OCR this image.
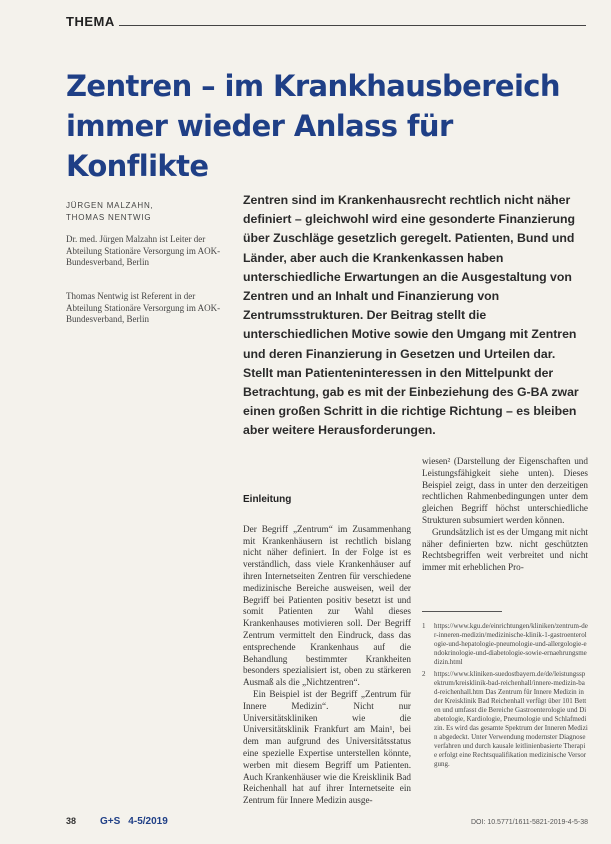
THEMA
Zentren – im Krankhausbereich
immer wieder Anlass für Konflikte
JÜRGEN MALZAHN,
THOMAS NENTWIG
Dr. med. Jürgen Malzahn ist Leiter der Abteilung Stationäre Versorgung im AOK-Bundesverband, Berlin
Thomas Nentwig ist Referent in der Abteilung Stationäre Versorgung im AOK-Bundesverband, Berlin
Zentren sind im Krankenhausrecht rechtlich nicht näher definiert – gleichwohl wird eine gesonderte Finanzierung über Zuschläge gesetzlich geregelt. Patienten, Bund und Länder, aber auch die Krankenkassen haben unterschiedliche Erwartungen an die Ausgestaltung von Zentren und an Inhalt und Finanzierung von Zentrumsstrukturen. Der Beitrag stellt die unterschiedlichen Motive sowie den Umgang mit Zentren und deren Finanzierung in Gesetzen und Urteilen dar. Stellt man Patienteninteressen in den Mittelpunkt der Betrachtung, gab es mit der Einbeziehung des G-BA zwar einen großen Schritt in die richtige Richtung – es bleiben aber weitere Herausforderungen.
Einleitung

Der Begriff „Zentrum“ im Zusammenhang mit Krankenhäusern ist rechtlich bislang nicht näher definiert. In der Folge ist es verständlich, dass viele Krankenhäuser auf ihren Internetseiten Zentren für verschiedene medizinische Bereiche ausweisen, weil der Begriff bei Patienten positiv besetzt ist und somit Patienten zur Wahl dieses Krankenhauses motivieren soll. Der Begriff Zentrum vermittelt den Eindruck, dass das entsprechende Krankenhaus auf die Behandlung bestimmter Krankheiten besonders spezialisiert ist, oben zu stärkeren Ausmaß als die „Nichtzentren“.

Ein Beispiel ist der Begriff „Zentrum für Innere Medizin“. Nicht nur Universitätskliniken wie die Universitätsklinik Frankfurt am Main¹, bei dem man aufgrund des Universitätsstatus eine spezielle Expertise unterstellen könnte, werben mit diesem Begriff um Patienten. Auch Krankenhäuser wie die Kreisklinik Bad Reichenhall hat auf ihrer Internetseite ein Zentrum für Innere Medizin ausge-

wiesen² (Darstellung der Eigenschaften und Leistungsfähigkeit siehe unten). Dieses Beispiel zeigt, dass in unter den derzeitigen rechtlichen Rahmenbedingungen unter dem gleichen Begriff höchst unterschiedliche Strukturen subsumiert werden können.

Grundsätzlich ist es der Umgang mit nicht näher definierten bzw. nicht geschützten Rechtsbegriffen weit verbreitet und nicht immer mit erheblichen Pro-

1	https://www.kgu.de/einrichtungen/kliniken/zentrum-der-inneren-medizin/medizinische-klinik-1-gastroenterologie-und-hepatologie-pneumologie-und-allergologie-endokrinologie-und-diabetologie-sowie-ernaehrungsmedizin.html
2	https://www.kliniken-suedostbayern.de/de/leistungsspektrum/kreisklinik-bad-reichenhall/innere-medizin-bad-reichenhall.htm Das Zentrum für Innere Medizin in der Kreisklinik Bad Reichenhall verfügt über 101 Betten und umfasst die Bereiche Gastroenterologie und Diabetologie, Kardiologie, Pneumologie und Schlafmedizin. Es wird das gesamte Spektrum der Inneren Medizin abgedeckt. Unter Verwendung modernster Diagnoseverfahren und durch kausale leitlinienbasierte Therapie erfolgt eine Rechtsqualifikation medizinische Versorgung.
38	G+S 4-5/2019	DOI: 10.5771/1611-5821-2019-4-5-38
